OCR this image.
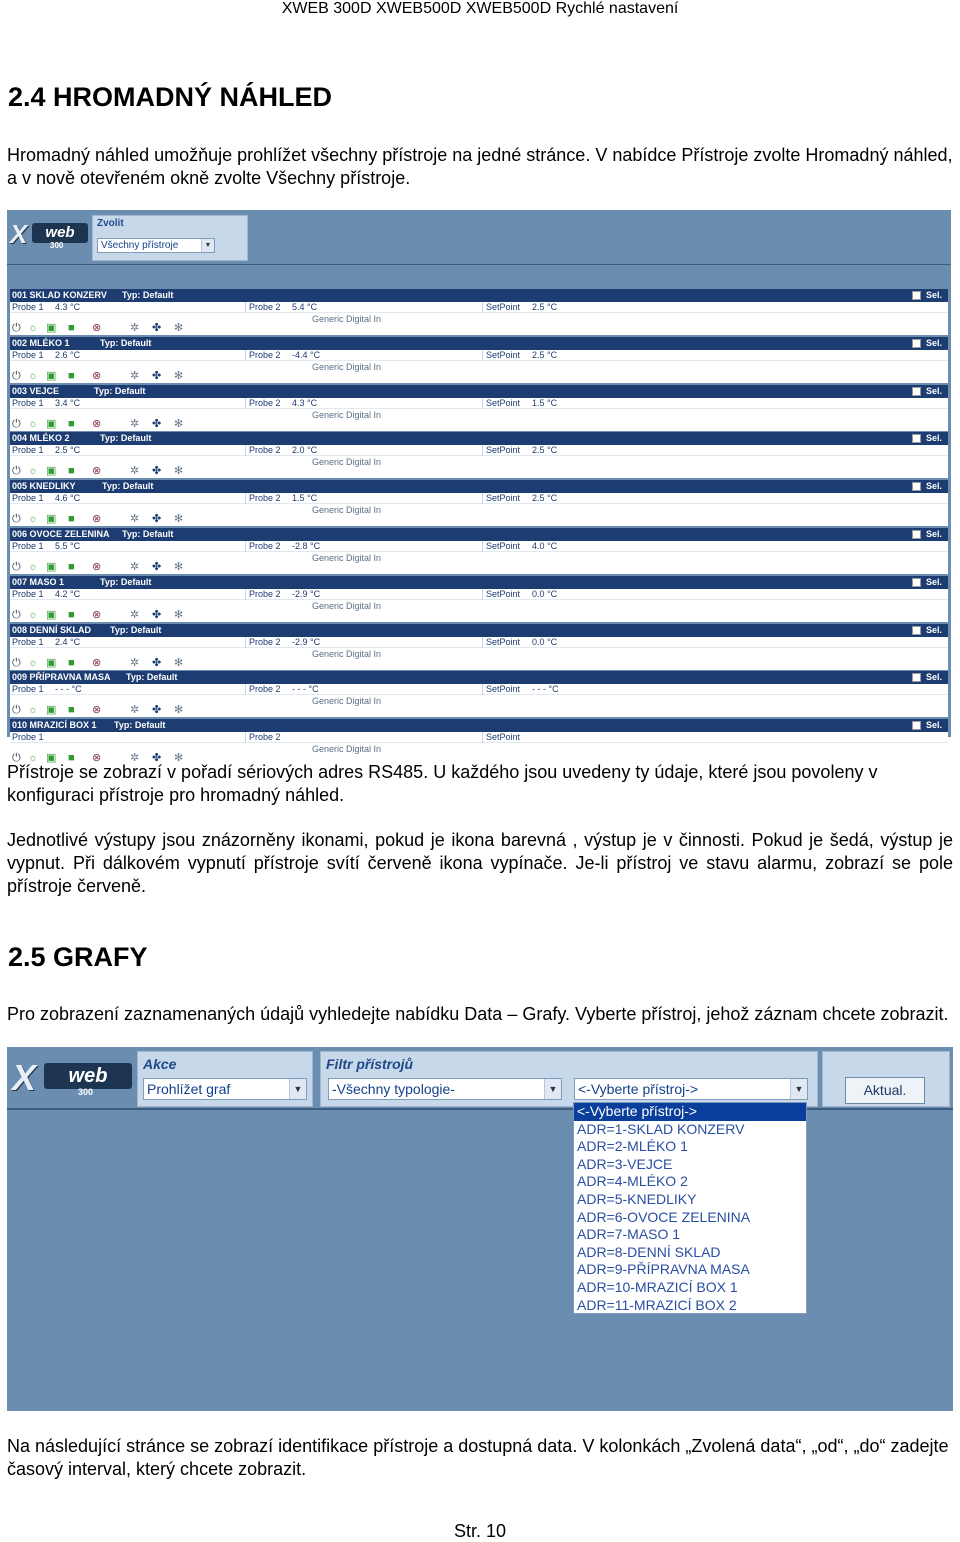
XWEB 300D XWEB500D XWEB500D Rychlé nastavení
2.4 HROMADNÝ NÁHLED
Hromadný náhled umožňuje prohlížet všechny přístroje na jedné stránce. V nabídce Přístroje zvolte Hromadný náhled, a v nově otevřeném okně zvolte Všechny přístroje.
X	web
300
Zvolit
Všechny přístroje	▼
001 SKLAD KONZERV Typ: Default	Sel.
Probe 1 4.3 °C	Probe 2 5.4 °C	SetPoint 2.5 °C
Generic Digital In
⏻ ☼ ▣ ■ ⊗	✲ ✤ ✻
002 MLÉKO 1	Typ: Default	Sel.
Probe 1 2.6 °C	Probe 2 -4.4 °C	SetPoint 2.5 °C
Generic Digital In
⏻ ☼ ▣ ■ ⊗	✲ ✤ ✻
003 VEJCE	Typ: Default	Sel.
Probe 1 3.4 °C	Probe 2 4.3 °C	SetPoint 1.5 °C
Generic Digital In
⏻ ☼ ▣ ■ ⊗	✲ ✤ ✻
004 MLÉKO 2	Typ: Default	Sel.
Probe 1 2.5 °C	Probe 2 2.0 °C	SetPoint 2.5 °C
Generic Digital In
⏻ ☼ ▣ ■ ⊗	✲ ✤ ✻
005 KNEDLIKY	Typ: Default	Sel.
Probe 1 4.6 °C	Probe 2 1.5 °C	SetPoint 2.5 °C
Generic Digital In
⏻ ☼ ▣ ■ ⊗	✲ ✤ ✻
006 OVOCE ZELENINA Typ: Default	Sel.
Probe 1 5.5 °C	Probe 2 -2.8 °C	SetPoint 4.0 °C
Generic Digital In
⏻ ☼ ▣ ■ ⊗	✲ ✤ ✻
007 MASO 1	Typ: Default	Sel.
Probe 1 4.2 °C	Probe 2 -2.9 °C	SetPoint 0.0 °C
Generic Digital In
⏻ ☼ ▣ ■ ⊗	✲ ✤ ✻
008 DENNÍ SKLAD Typ: Default	Sel.
Probe 1 2.4 °C	Probe 2 -2.9 °C	SetPoint 0.0 °C
Generic Digital In
⏻ ☼ ▣ ■ ⊗	✲ ✤ ✻
009 PŘÍPRAVNA MASA Typ: Default	Sel.
Probe 1 - - - °C	Probe 2 - - - °C	SetPoint - - - °C
Generic Digital In
⏻ ☼ ▣ ■ ⊗	✲ ✤ ✻
010 MRAZICÍ BOX 1 Typ: Default	Sel.
Probe 1	Probe 2	SetPoint
Generic Digital In
⏻ ☼ ▣ ■ ⊗	✲ ✤ ✻
Přístroje se zobrazí v pořadí sériových adres RS485. U každého jsou uvedeny ty údaje, které jsou povoleny v konfiguraci přístroje pro hromadný náhled.
Jednotlivé výstupy jsou znázorněny ikonami, pokud je ikona barevná , výstup je v činnosti. Pokud je šedá, výstup je vypnut. Při dálkovém vypnutí přístroje svítí červeně ikona vypínače. Je-li přístroj ve stavu alarmu, zobrazí se pole přístroje červeně.
2.5 GRAFY
Pro zobrazení zaznamenaných údajů vyhledejte nabídku Data – Grafy. Vyberte přístroj, jehož záznam chcete zobrazit.
X	web
300
Akce
Prohlížet graf	▼
Filtr přístrojů
-Všechny typologie-	▼ <-Vyberte přístroj->	▼	Aktual.
<-Vyberte přístroj->
ADR=1-SKLAD KONZERV
ADR=2-MLÉKO 1
ADR=3-VEJCE
ADR=4-MLÉKO 2
ADR=5-KNEDLIKY
ADR=6-OVOCE ZELENINA
ADR=7-MASO 1
ADR=8-DENNÍ SKLAD
ADR=9-PŘÍPRAVNA MASA
ADR=10-MRAZICÍ BOX 1
ADR=11-MRAZICÍ BOX 2
Na následující stránce se zobrazí identifikace přístroje a dostupná data. V kolonkách „Zvolená data“, „od“, „do“ zadejte časový interval, který chcete zobrazit.
Str. 10
